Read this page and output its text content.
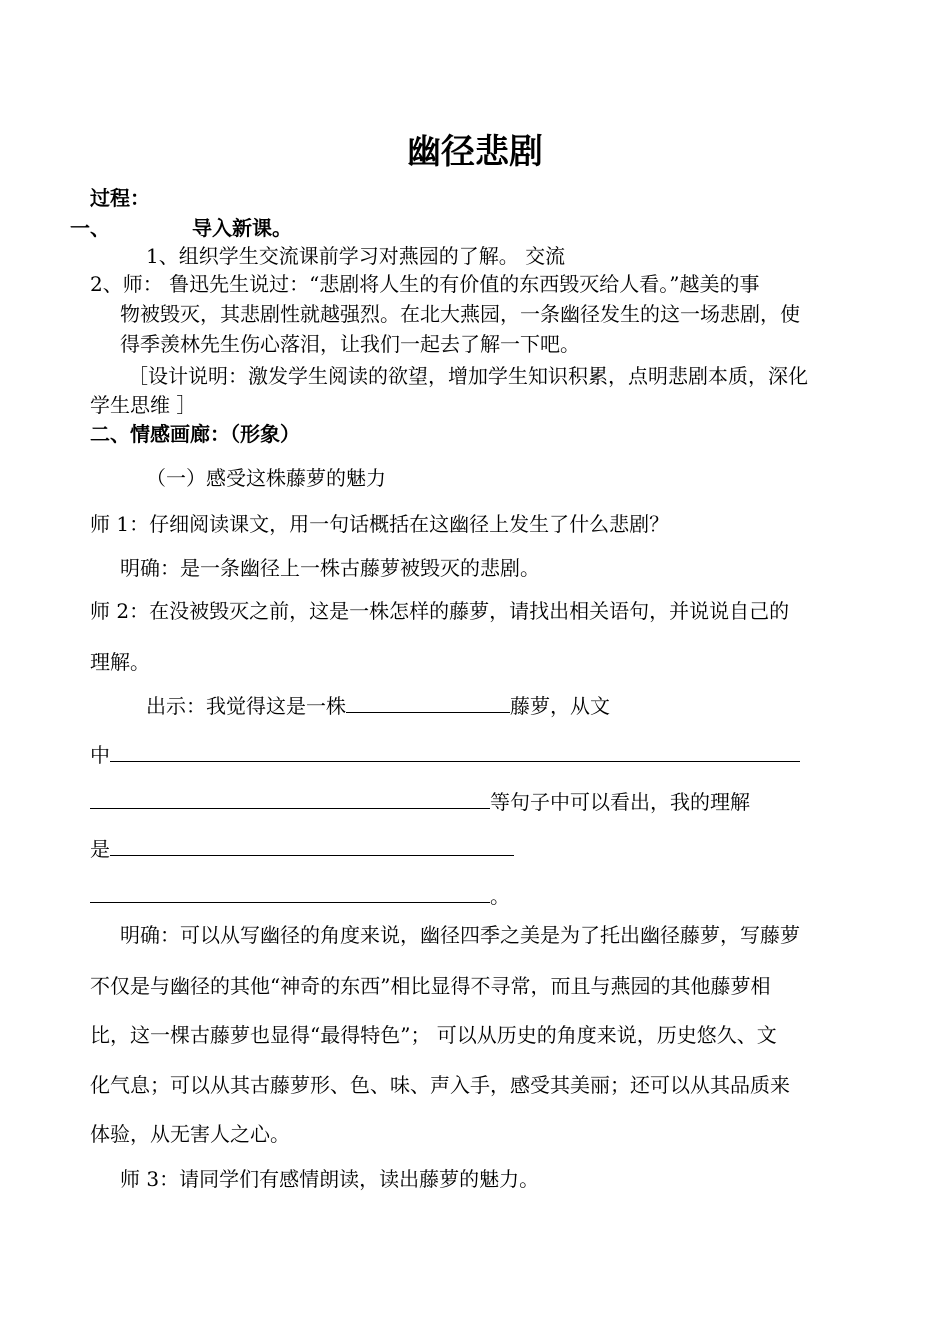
幽径悲剧
过程：
一、	导入新课。
1、组织学生交流课前学习对燕园的了解。 交流
2、师： 鲁迅先生说过：“悲剧将人生的有价值的东西毁灭给人看。”越美的事
物被毁灭，其悲剧性就越强烈。在北大燕园，一条幽径发生的这一场悲剧，使
得季羡林先生伤心落泪，让我们一起去了解一下吧。
［设计说明：激发学生阅读的欲望，增加学生知识积累，点明悲剧本质，深化
学生思维 ］
二、情感画廊：（形象）
（一）感受这株藤萝的魅力
师 1：仔细阅读课文，用一句话概括在这幽径上发生了什么悲剧？
明确：是一条幽径上一株古藤萝被毁灭的悲剧。
师 2：在没被毁灭之前，这是一株怎样的藤萝，请找出相关语句，并说说自己的
理解。
出示：我觉得这是一株	藤萝，从文
中
等句子中可以看出，我的理解
是
。
明确：可以从写幽径的角度来说，幽径四季之美是为了托出幽径藤萝，写藤萝
不仅是与幽径的其他“神奇的东西”相比显得不寻常，而且与燕园的其他藤萝相
比，这一棵古藤萝也显得“最得特色”； 可以从历史的角度来说，历史悠久、文
化气息；可以从其古藤萝形、色、味、声入手，感受其美丽；还可以从其品质来
体验，从无害人之心。
师 3：请同学们有感情朗读，读出藤萝的魅力。
